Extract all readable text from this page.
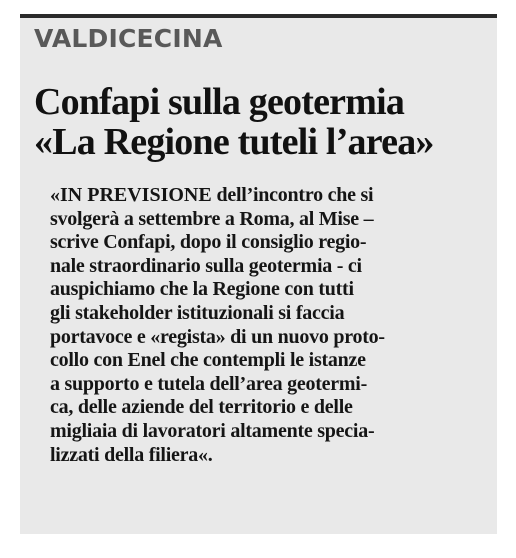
VALDICECINA
Confapi sulla geotermia
«La Regione tuteli l’area»

«IN PREVISIONE dell’incontro che si
svolgerà a settembre a Roma, al Mise –
scrive Confapi, dopo il consiglio regio-
nale straordinario sulla geotermia - ci
auspichiamo che la Regione con tutti
gli stakeholder istituzionali si faccia
portavoce e «regista» di un nuovo proto-
collo con Enel che contempli le istanze
a supporto e tutela dell’area geotermi-
ca, delle aziende del territorio e delle
migliaia di lavoratori altamente specia-
lizzati della filiera«.
